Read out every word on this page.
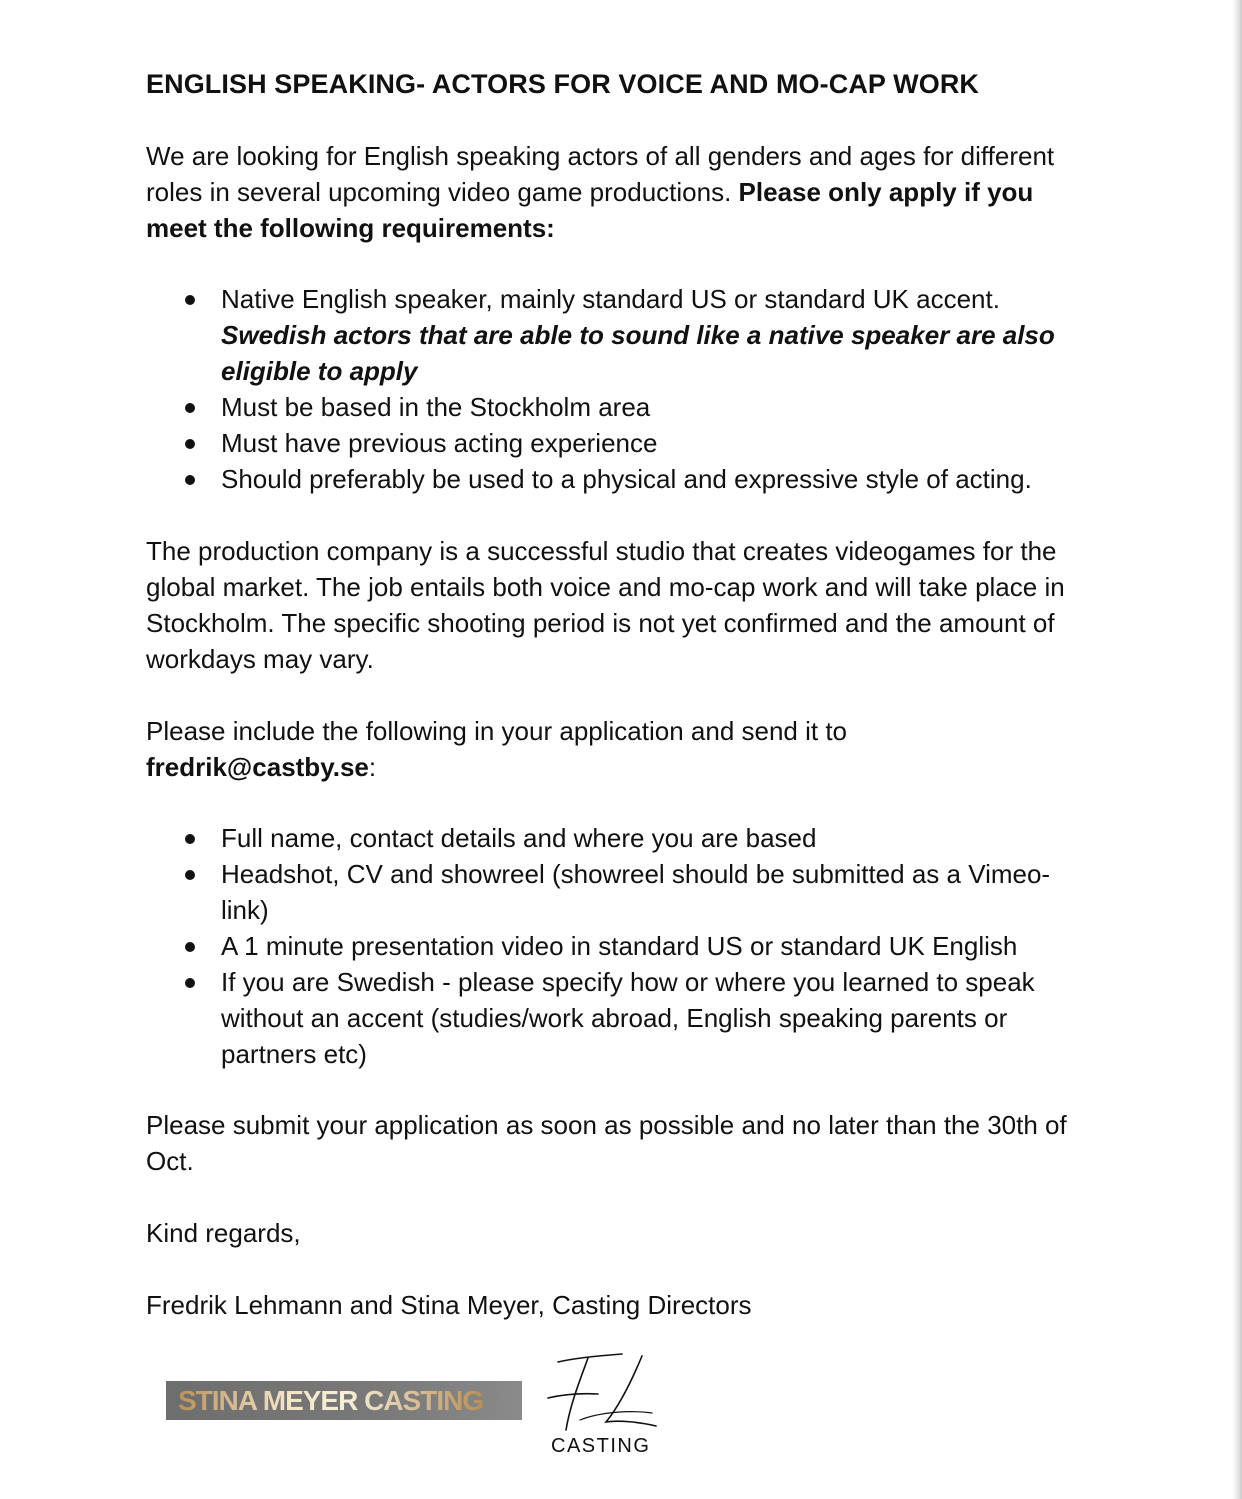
ENGLISH SPEAKING- ACTORS FOR VOICE AND MO-CAP WORK

We are looking for English speaking actors of all genders and ages for different roles in several upcoming video game productions. Please only apply if you meet the following requirements:

Native English speaker, mainly standard US or standard UK accent. Swedish actors that are able to sound like a native speaker are also eligible to apply
Must be based in the Stockholm area
Must have previous acting experience
Should preferably be used to a physical and expressive style of acting.

The production company is a successful studio that creates videogames for the global market. The job entails both voice and mo-cap work and will take place in Stockholm. The specific shooting period is not yet confirmed and the amount of workdays may vary.

Please include the following in your application and send it to
fredrik@castby.se:

Full name, contact details and where you are based
Headshot, CV and showreel (showreel should be submitted as a Vimeo-link)
A 1 minute presentation video in standard US or standard UK English
If you are Swedish - please specify how or where you learned to speak without an accent (studies/work abroad, English speaking parents or partners etc)

Please submit your application as soon as possible and no later than the 30th of Oct.

Kind regards,

Fredrik Lehmann and Stina Meyer, Casting Directors

STINA MEYER CASTING
CASTING
